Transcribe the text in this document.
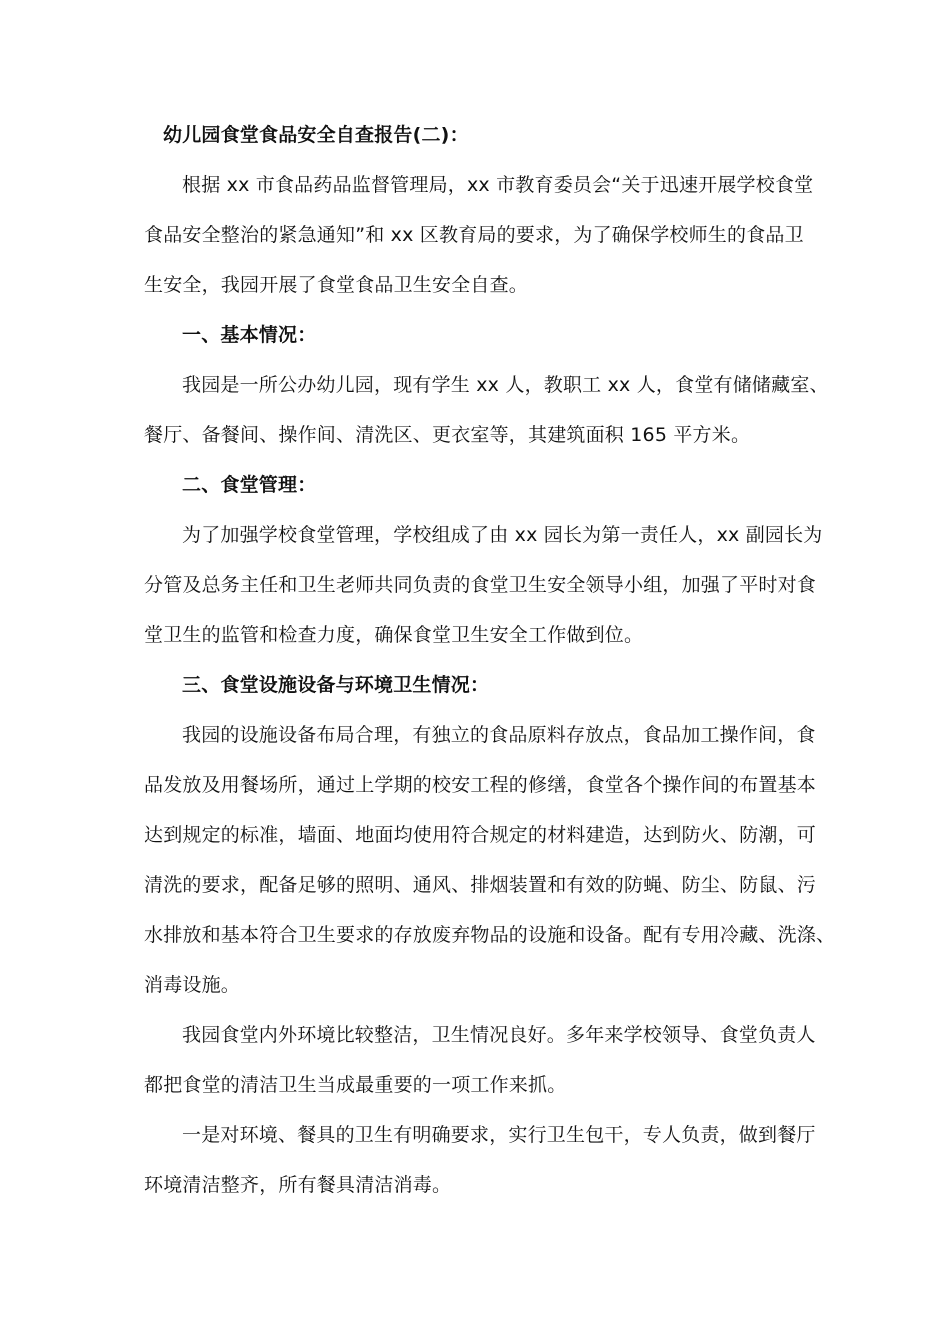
幼儿园食堂食品安全自查报告(二)：
根据 xx 市食品药品监督管理局，xx 市教育委员会“关于迅速开展学校食堂
食品安全整治的紧急通知”和 xx 区教育局的要求，为了确保学校师生的食品卫
生安全，我园开展了食堂食品卫生安全自查。
一、基本情况：
我园是一所公办幼儿园，现有学生 xx 人，教职工 xx 人，食堂有储储藏室、
餐厅、备餐间、操作间、清洗区、更衣室等，其建筑面积 165 平方米。
二、食堂管理：
为了加强学校食堂管理，学校组成了由 xx 园长为第一责任人，xx 副园长为
分管及总务主任和卫生老师共同负责的食堂卫生安全领导小组，加强了平时对食
堂卫生的监管和检查力度，确保食堂卫生安全工作做到位。
三、食堂设施设备与环境卫生情况：
我园的设施设备布局合理，有独立的食品原料存放点，食品加工操作间，食
品发放及用餐场所，通过上学期的校安工程的修缮，食堂各个操作间的布置基本
达到规定的标准，墙面、地面均使用符合规定的材料建造，达到防火、防潮，可
清洗的要求，配备足够的照明、通风、排烟装置和有效的防蝇、防尘、防鼠、污
水排放和基本符合卫生要求的存放废弃物品的设施和设备。配有专用冷藏、洗涤、
消毒设施。
我园食堂内外环境比较整洁，卫生情况良好。多年来学校领导、食堂负责人
都把食堂的清洁卫生当成最重要的一项工作来抓。
一是对环境、餐具的卫生有明确要求，实行卫生包干，专人负责，做到餐厅
环境清洁整齐，所有餐具清洁消毒。
